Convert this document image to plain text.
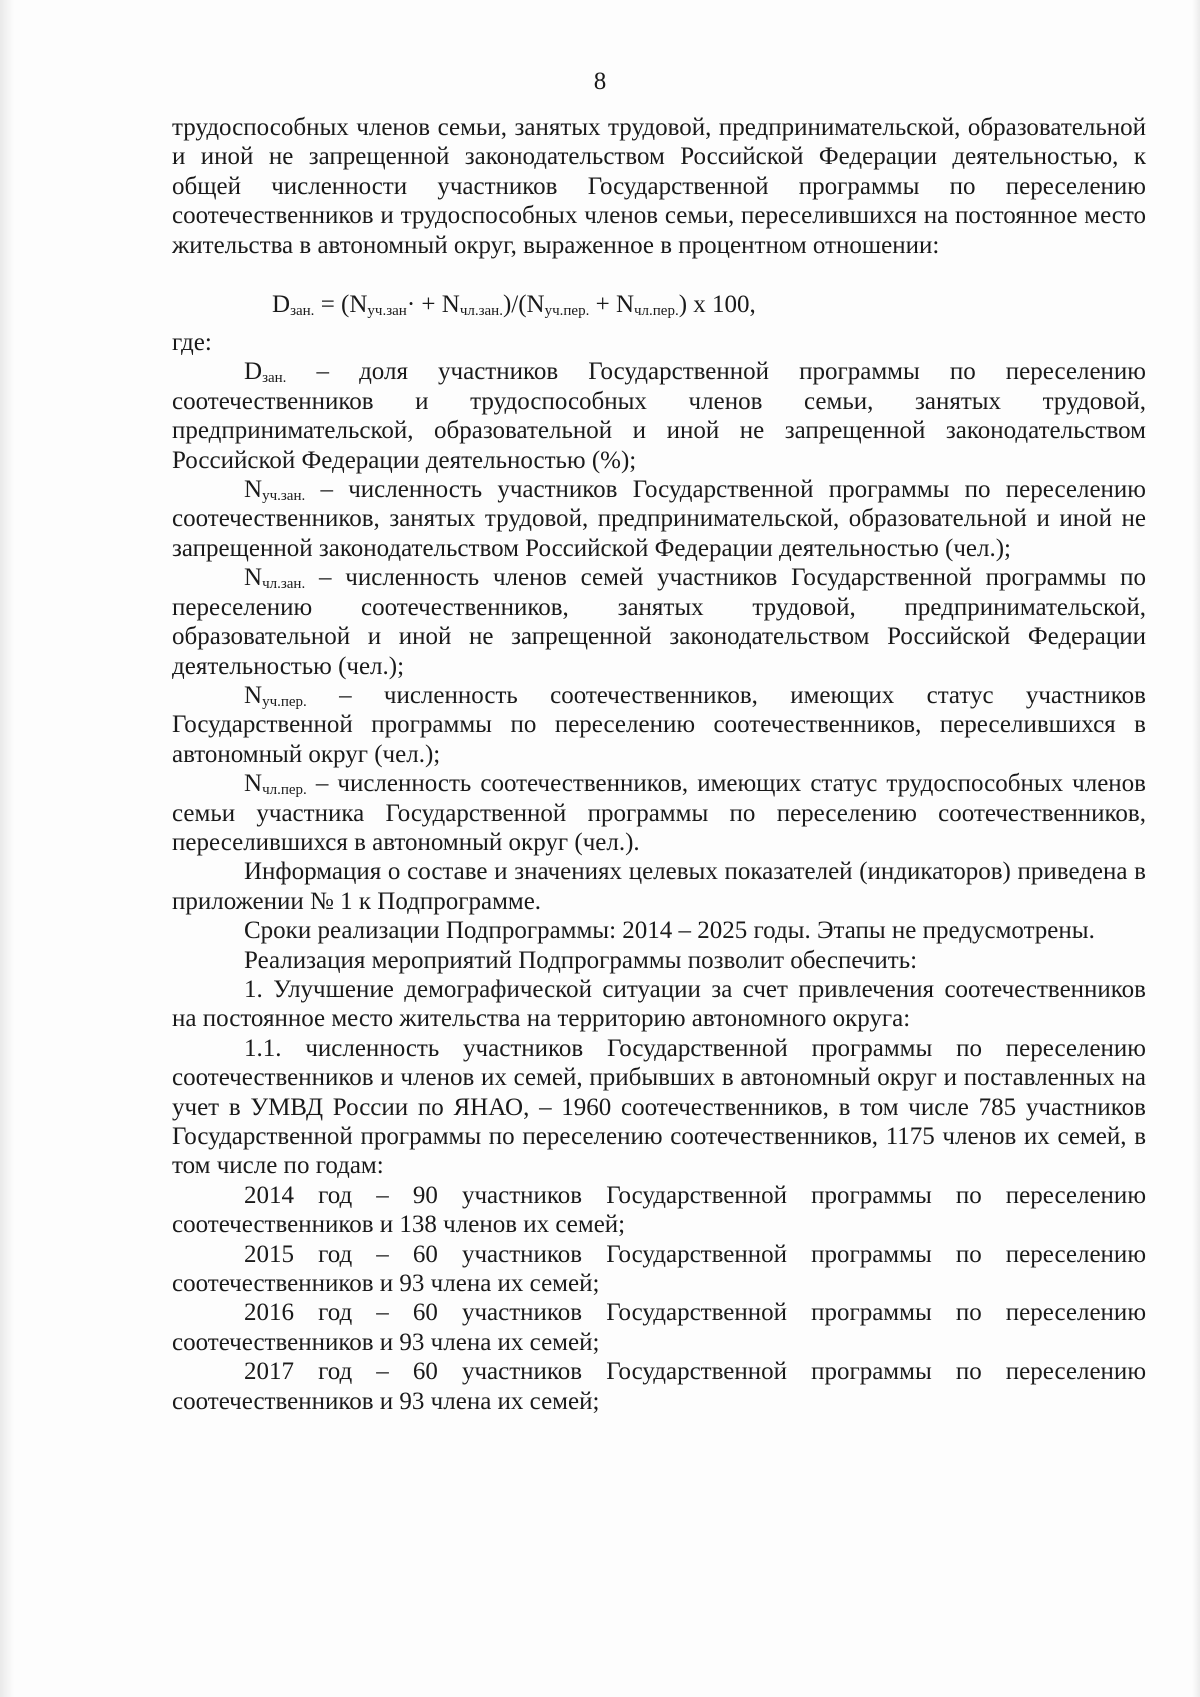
8

трудоспособных членов семьи, занятых трудовой, предпринимательской, образовательной и иной не запрещенной законодательством Российской Федерации деятельностью, к общей численности участников Государственной программы по переселению соотечественников и трудоспособных членов семьи, переселившихся на постоянное место жительства в автономный округ, выраженное в процентном отношении:

$D_{зан.} = (N_{уч.зан}\cdot + N_{чл.зан.})/(N_{уч.пер.} + N_{чл.пер.})$ x 100,

где:

$D_{зан.}$ – доля участников Государственной программы по переселению соотечественников и трудоспособных членов семьи, занятых трудовой, предпринимательской, образовательной и иной не запрещенной законодательством Российской Федерации деятельностью (%);

$N_{уч.зан.}$ – численность участников Государственной программы по переселению соотечественников, занятых трудовой, предпринимательской, образовательной и иной не запрещенной законодательством Российской Федерации деятельностью (чел.);

$N_{чл.зан.}$ – численность членов семей участников Государственной программы по переселению соотечественников, занятых трудовой, предпринимательской, образовательной и иной не запрещенной законодательством Российской Федерации деятельностью (чел.);

$N_{уч.пер.}$ – численность соотечественников, имеющих статус участников Государственной программы по переселению соотечественников, переселившихся в автономный округ (чел.);

$N_{чл.пер.}$ – численность соотечественников, имеющих статус трудоспособных членов семьи участника Государственной программы по переселению соотечественников, переселившихся в автономный округ (чел.).

Информация о составе и значениях целевых показателей (индикаторов) приведена в приложении № 1 к Подпрограмме.

Сроки реализации Подпрограммы: 2014 – 2025 годы. Этапы не предусмотрены.

Реализация мероприятий Подпрограммы позволит обеспечить:

1. Улучшение демографической ситуации за счет привлечения соотечественников на постоянное место жительства на территорию автономного округа:

1.1. численность участников Государственной программы по переселению соотечественников и членов их семей, прибывших в автономный округ и поставленных на учет в УМВД России по ЯНАО, – 1960 соотечественников, в том числе 785 участников Государственной программы по переселению соотечественников, 1175 членов их семей, в том числе по годам:

2014 год – 90 участников Государственной программы по переселению соотечественников и 138 членов их семей;

2015 год – 60 участников Государственной программы по переселению соотечественников и 93 члена их семей;

2016 год – 60 участников Государственной программы по переселению соотечественников и 93 члена их семей;

2017 год – 60 участников Государственной программы по переселению соотечественников и 93 члена их семей;
